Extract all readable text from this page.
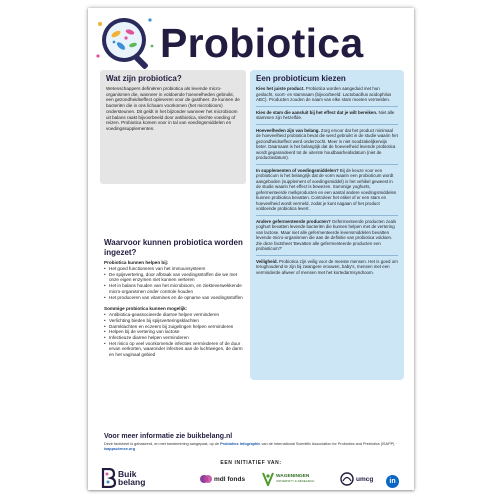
Probiotica

Wat zijn probiotica?

Wetenschappers definiëren probiotica als levende micro-organismen die, wanneer in voldoende hoeveelheden gebruikt, een gezondheidseffect opleveren voor de gastheer. Ze kunnen de bacteriën die in ons lichaam voorkomen (het microbioom) ondersteunen. Dit geldt in het bijzonder wanneer het microbioom uit balans raakt bijvoorbeeld door antibiotica, slechte voeding of reizen. Probiotica komen voor in tal van voedingsmiddelen en voedingssupplementen.

Waarvoor kunnen probiotica worden ingezet?
Probiotica kunnen helpen bij:
• Het goed functioneren van het immuunsysteem
• De spijsvertering, door afbraak van voedingsstoffen die we met onze eigen enzymen niet kunnen verteren
• Het in balans houden van het microbioom, en ziekteverwekkende micro-organismen onder controle houden
• Het produceren van vitamines en de opname van voedingsstoffen
Sommige probiotica kunnen mogelijk:
• Antibiotica-geassocieerde diarree helpen verminderen
• Verlichting bieden bij spijsverteringsklachten
• Darmklachten en eczeem bij zuigelingen helpen verminderen
• Helpen bij de vertering van lactose
• Infectieuze diarree helpen verminderen
• Het risico op veel voorkomende infecties verminderen of de duur ervan verkorten, waaronder infecties aan de luchtwegen, de darm en het vaginaal gebied

Een probioticum kiezen

Kies het juiste product. Probiotica worden aangeduid met hun geslacht, soort- en stamnaam (bijvoorbeeld: Lactobacillus acidophilus ABC). Producten zouden de naam van elke stam moeten vermelden.

Kies de stam die aansluit bij het effect dat je wilt bereiken. Niet alle stammen zijn hetzelfde.

Hoeveelheden zijn van belang. Zorg ervoor dat het product minimaal de hoeveelheid probiotica bevat die werd gebruikt in de studie waarin het gezondheidseffect werd onderzocht. Meer is niet noodzakelijkerwijs beter. Daarnaast is het belangrijk dat de hoeveelheid levende probiotica wordt gegarandeerd tot de uiterste houdbaarheidsdatum (niet de productiedatum).

In supplementen of voedingsmiddelen? Bij de keuze voor een probioticum is het belangrijk dat de vorm waarin een probioticum wordt aangeboden (supplement of voedingsmiddel) is het vehikel geweest in de studie waarin het effect is bewezen. Sommige yoghurts, gefermenteerde melkproducten en een aantal andere voedingsmiddelen kunnen probiotica bevatten. Controleer het etiket of er een stam en hoeveelheid wordt vermeld, zodat je kunt nagaan of het product voldoende probiotica levert.

Andere gefermenteerde producten? Gefermenteerde producten zoals yoghurt bevatten levende bacteriën die kunnen helpen met de vertering van lactose. Maar niet alle gefermenteerde levensmiddelen bevatten levende micro-organismen die aan de definitie van probiotica voldoen. Zie deze factsheet 'Bevatten alle gefermenteerde producten een probioticum?'

Veiligheid. Probiotica zijn veilig voor de meeste mensen. Het is goed om terughoudend te zijn bij zwangere vrouwen, baby's, mensen met een verminderde afweer of mensen met het kortedarmsyndroom.

Voor meer informatie zie buikbelang.nl

Deze factsheet is gebaseerd, en met toestemming aangepast, op de Probiotics Infographic van de International Scientific Association for Probiotics and Prebiotics (ISAPP) · isappscience.org

EEN INITIATIEF VAN:
Buik
belang	mdl fonds	WAGENINGEN
UNIVERSITY & RESEARCH	umcg	in
